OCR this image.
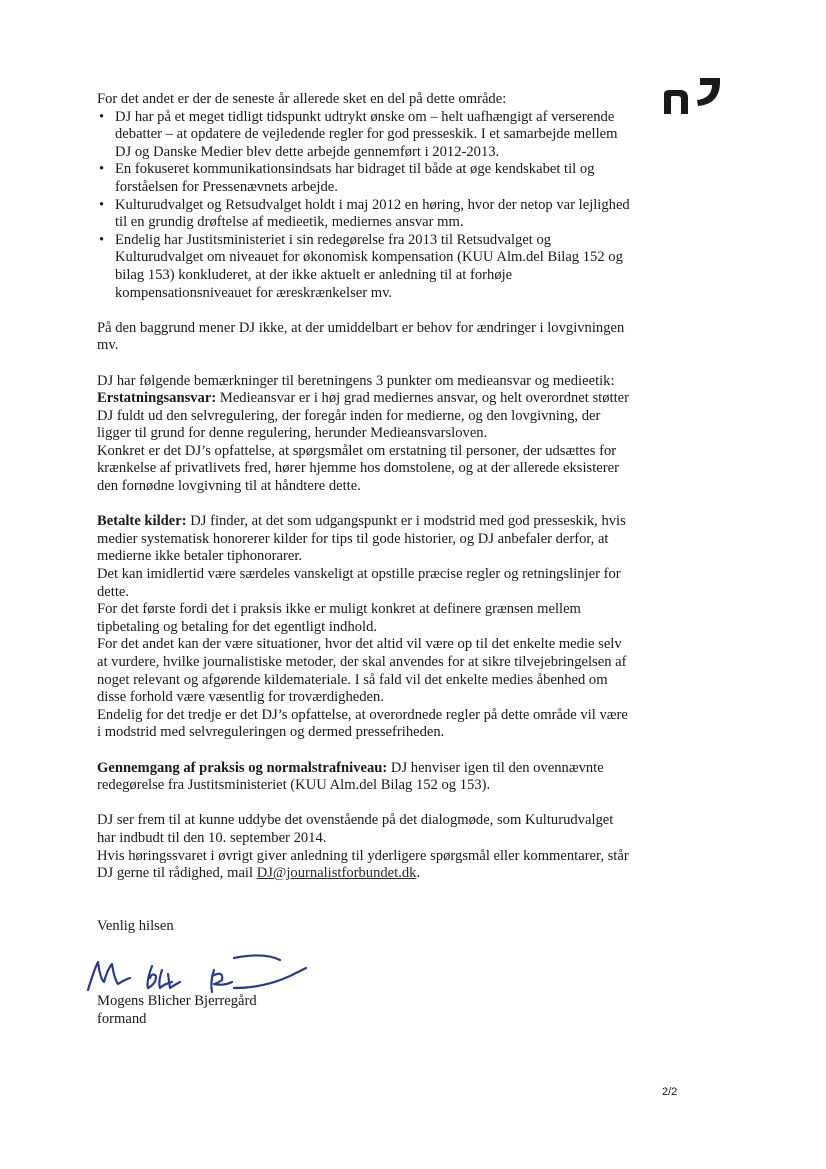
For det andet er der de seneste år allerede sket en del på dette område:

• DJ har på et meget tidligt tidspunkt udtrykt ønske om – helt uafhængigt af verserende debatter – at opdatere de vejledende regler for god presseskik. I et samarbejde mellem DJ og Danske Medier blev dette arbejde gennemført i 2012-2013.
• En fokuseret kommunikationsindsats har bidraget til både at øge kendskabet til og forståelsen for Pressenævnets arbejde.
• Kulturudvalget og Retsudvalget holdt i maj 2012 en høring, hvor der netop var lejlighed til en grundig drøftelse af medieetik, mediernes ansvar mm.
• Endelig har Justitsministeriet i sin redegørelse fra 2013 til Retsudvalget og Kulturudvalget om niveauet for økonomisk kompensation (KUU Alm.del Bilag 152 og bilag 153) konkluderet, at der ikke aktuelt er anledning til at forhøje kompensationsniveauet for æreskrænkelser mv.

På den baggrund mener DJ ikke, at der umiddelbart er behov for ændringer i lovgivningen mv.

DJ har følgende bemærkninger til beretningens 3 punkter om medieansvar og medieetik:

Erstatningsansvar: Medieansvar er i høj grad mediernes ansvar, og helt overordnet støtter DJ fuldt ud den selvregulering, der foregår inden for medierne, og den lovgivning, der ligger til grund for denne regulering, herunder Medieansvarsloven.

Konkret er det DJ’s opfattelse, at spørgsmålet om erstatning til personer, der udsættes for krænkelse af privatlivets fred, hører hjemme hos domstolene, og at der allerede eksisterer den fornødne lovgivning til at håndtere dette.

Betalte kilder: DJ finder, at det som udgangspunkt er i modstrid med god presseskik, hvis medier systematisk honorerer kilder for tips til gode historier, og DJ anbefaler derfor, at medierne ikke betaler tiphonorarer.

Det kan imidlertid være særdeles vanskeligt at opstille præcise regler og retningslinjer for dette.

For det første fordi det i praksis ikke er muligt konkret at definere grænsen mellem tipbetaling og betaling for det egentligt indhold.

For det andet kan der være situationer, hvor det altid vil være op til det enkelte medie selv at vurdere, hvilke journalistiske metoder, der skal anvendes for at sikre tilvejebringelsen af noget relevant og afgørende kildemateriale. I så fald vil det enkelte medies åbenhed om disse forhold være væsentlig for troværdigheden.

Endelig for det tredje er det DJ’s opfattelse, at overordnede regler på dette område vil være i modstrid med selvreguleringen og dermed pressefriheden.

Gennemgang af praksis og normalstrafniveau: DJ henviser igen til den ovennævnte redegørelse fra Justitsministeriet (KUU Alm.del Bilag 152 og 153).

DJ ser frem til at kunne uddybe det ovenstående på det dialogmøde, som Kulturudvalget har indbudt til den 10. september 2014.

Hvis høringssvaret i øvrigt giver anledning til yderligere spørgsmål eller kommentarer, står DJ gerne til rådighed, mail DJ@journalistforbundet.dk.

Venlig hilsen

Mogens Blicher Bjerregård

formand

2/2
